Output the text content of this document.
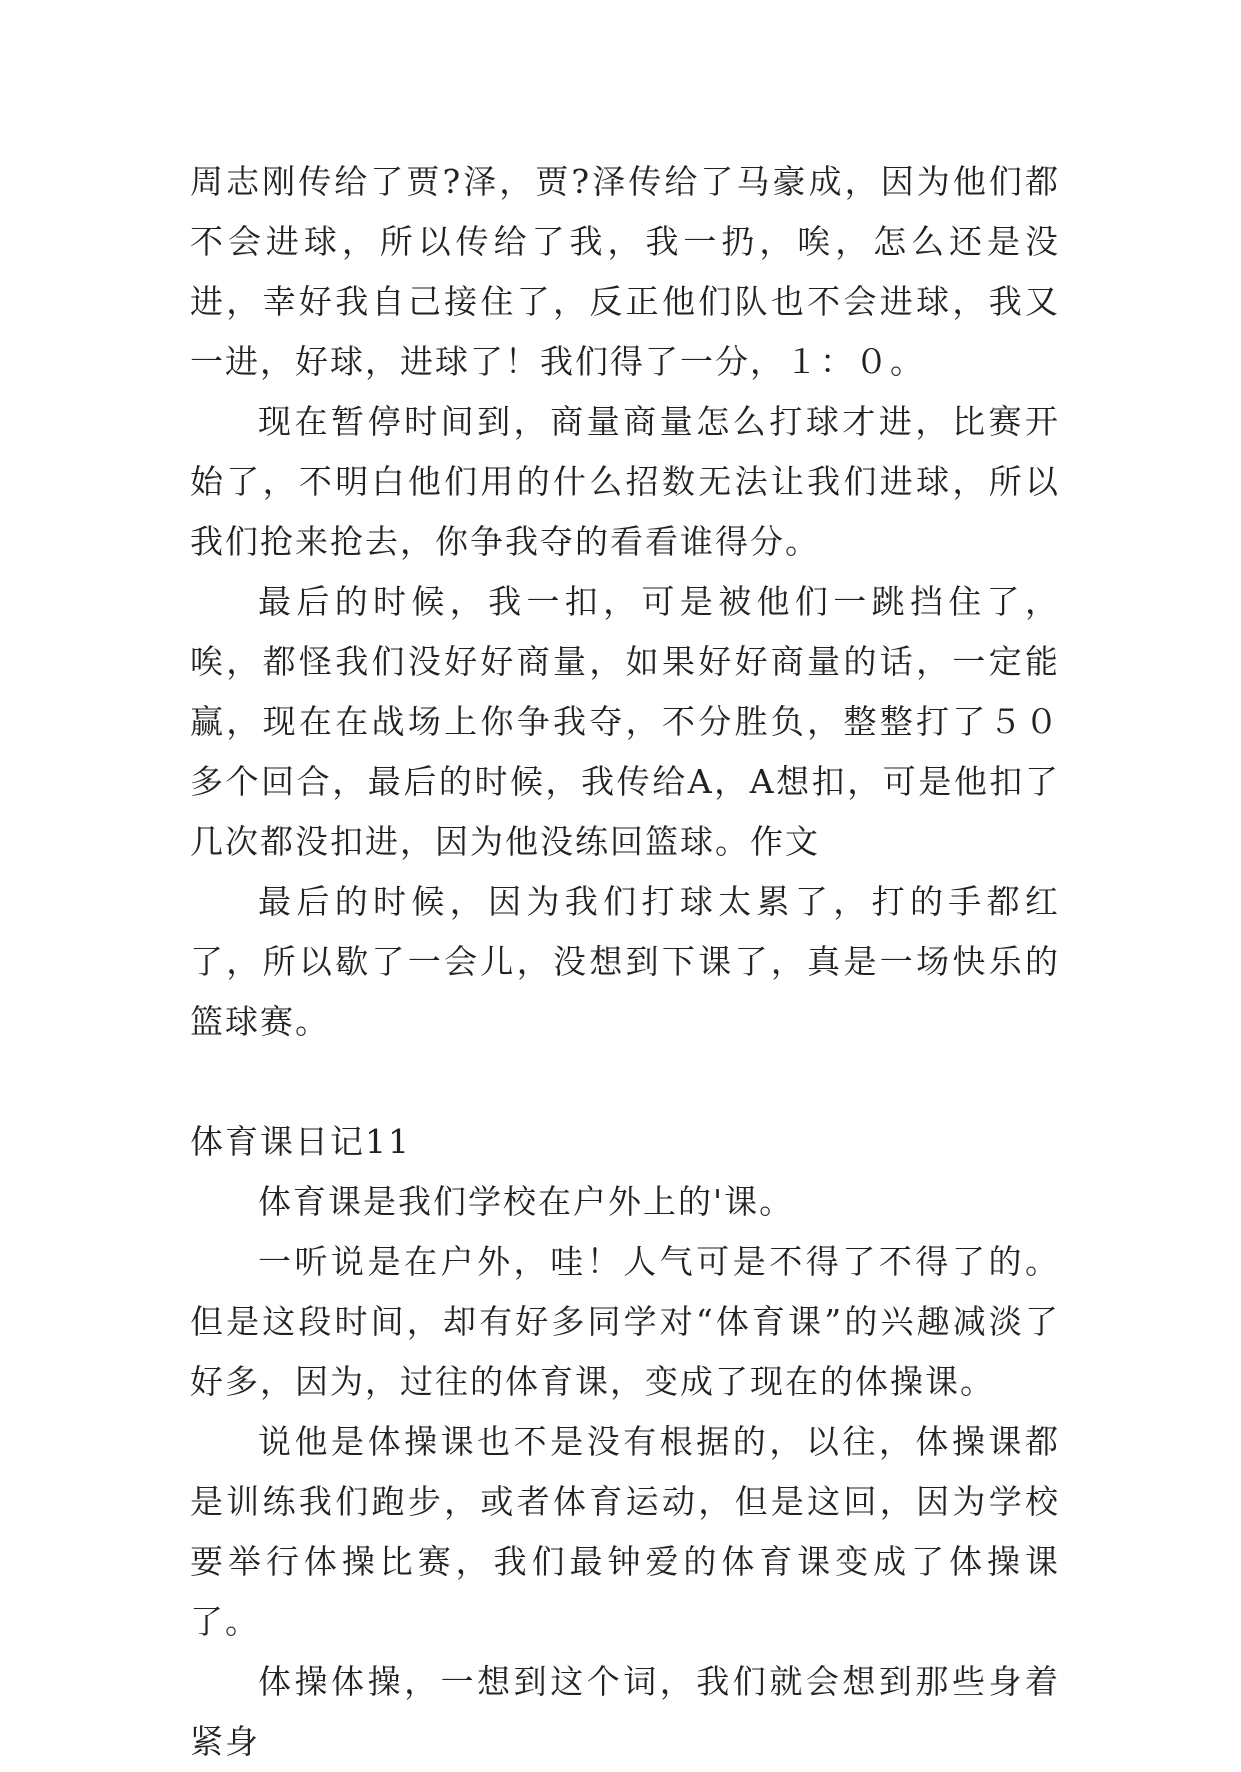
周志刚传给了贾?泽，贾?泽传给了马豪成，因为他们都不会进球，所以传给了我，我一扔，唉，怎么还是没进，幸好我自己接住了，反正他们队也不会进球，我又一进，好球，进球了！我们得了一分，１：０。

现在暂停时间到，商量商量怎么打球才进，比赛开始了，不明白他们用的什么招数无法让我们进球，所以我们抢来抢去，你争我夺的看看谁得分。

最后的时候，我一扣，可是被他们一跳挡住了，唉，都怪我们没好好商量，如果好好商量的话，一定能赢，现在在战场上你争我夺，不分胜负，整整打了５０多个回合，最后的时候，我传给A，A想扣，可是他扣了几次都没扣进，因为他没练回篮球。作文

最后的时候，因为我们打球太累了，打的手都红了，所以歇了一会儿，没想到下课了，真是一场快乐的篮球赛。

体育课日记11

体育课是我们学校在户外上的'课。

一听说是在户外，哇！人气可是不得了不得了的。但是这段时间，却有好多同学对“体育课”的兴趣减淡了好多，因为，过往的体育课，变成了现在的体操课。

说他是体操课也不是没有根据的，以往，体操课都是训练我们跑步，或者体育运动，但是这回，因为学校要举行体操比赛，我们最钟爱的体育课变成了体操课了。

体操体操，一想到这个词，我们就会想到那些身着紧身
